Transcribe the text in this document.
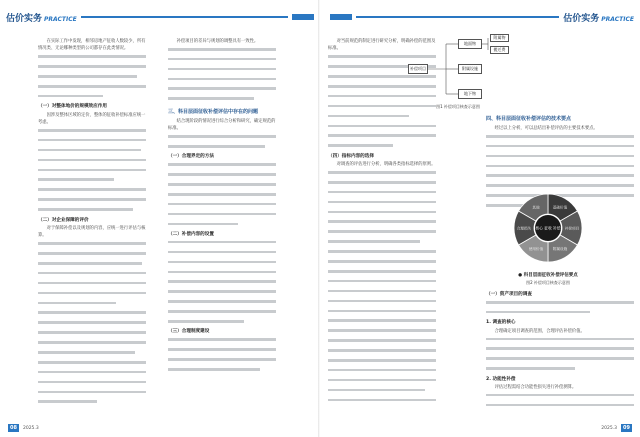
估价实务 PRACTICE

在实际工作中发现，相邻房地产征收人数较少，所有情况类、无论哪种类型的公司都存在此类情况。

（一）对整体地价的规模效应作用

因涉及整体区域的定价，整体的征收补偿标准应统一考虑。

（二）对企业保障的评价

对于保障补偿以及规划的内容，应统一进行评估与核算。

补偿项目的差异与规划的调整具有一致性。

三、科目层面征收补偿评估中存在的问题

结合现阶段的情况进行综合分析和研究，确定规范的标准。

（一）合理界定的方法

（二）补偿内容的设置

（三）合理制度建设

08	2025.3
估价实务 PRACTICE

对当前规范的制定进行研究分析，明确补偿的范围及标准。

（四）指标内容的选择

对调查的评估进行分析，明确各类指标选择的原则。

补偿项目
地面物
附属设施
地下物
附属物
搬迁费
图1 补偿项目核查示意图

四、科目层面征收补偿评估的技术要点

经过以上分析，可以总结出补偿评估的主要技术要点。

基础价值
补偿项目
附属设施
使用价值
合理损失
其他
核心 征收 补偿
● 科目层面征收补偿评估要点
图2 补偿项目核查示意图

（一）资产项目的调查

1. 调查的核心

合理确定项目调查的范围，合理评估补偿价值。

2. 功能性补偿

评估过程需结合功能性损失进行补偿测算。

2025.3	09
